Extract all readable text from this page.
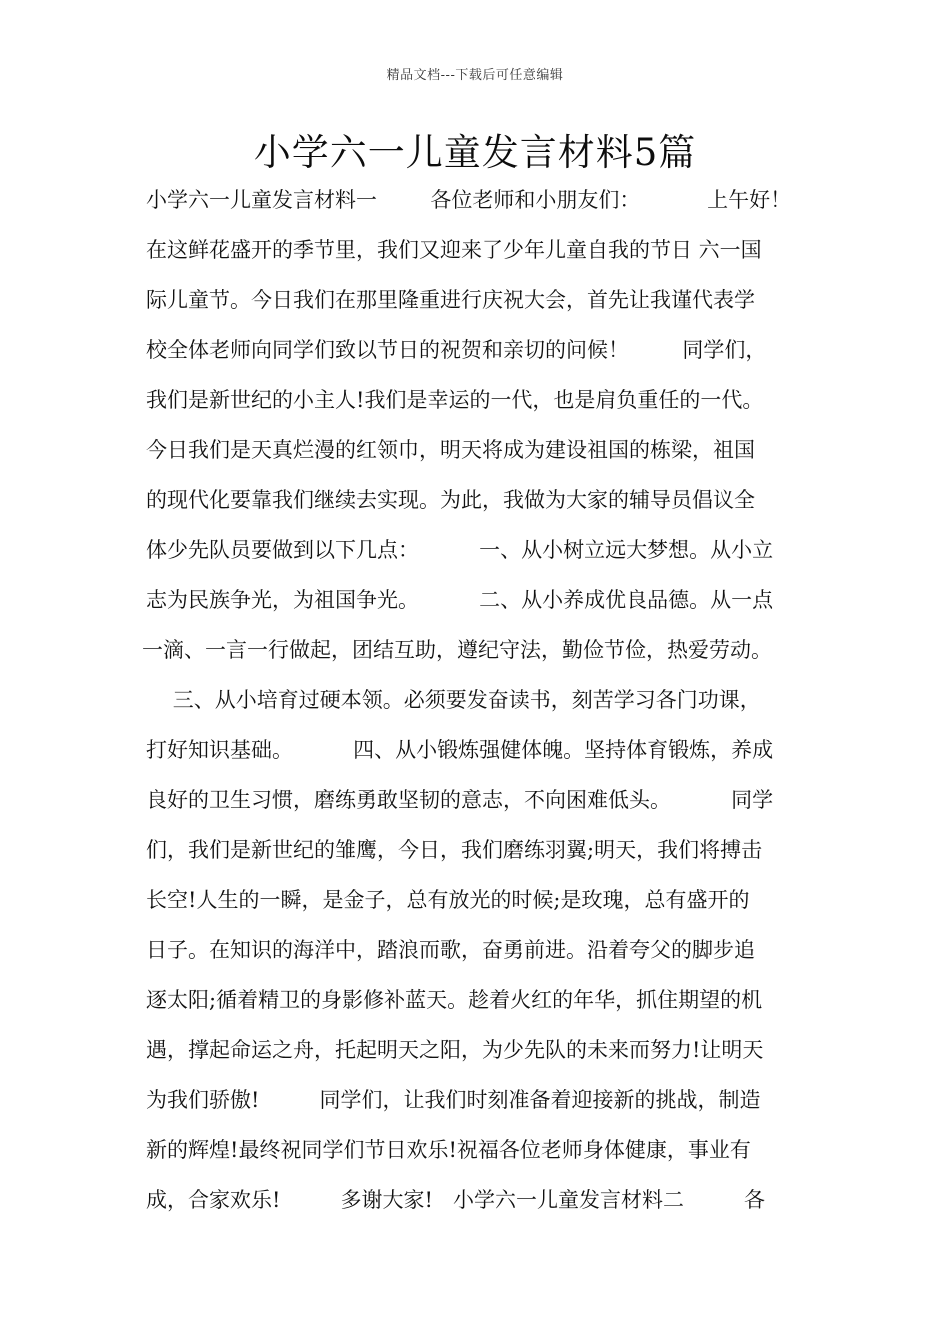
精品文档---下载后可任意编辑
小学六一儿童发言材料5篇
小学六一儿童发言材料一        各位老师和小朋友们：          上午好！
在这鲜花盛开的季节里，我们又迎来了少年儿童自我的节日 六一国
际儿童节。今日我们在那里隆重进行庆祝大会，首先让我谨代表学
校全体老师向同学们致以节日的祝贺和亲切的问候！        同学们，
我们是新世纪的小主人!我们是幸运的一代，也是肩负重任的一代。
今日我们是天真烂漫的红领巾，明天将成为建设祖国的栋梁，祖国
的现代化要靠我们继续去实现。为此，我做为大家的辅导员倡议全
体少先队员要做到以下几点：         一、从小树立远大梦想。从小立
志为民族争光，为祖国争光。         二、从小养成优良品德。从一点
一滴、一言一行做起，团结互助，遵纪守法，勤俭节俭，热爱劳动。
三、从小培育过硬本领。必须要发奋读书，刻苦学习各门功课，
打好知识基础。         四、从小锻炼强健体魄。坚持体育锻炼，养成
良好的卫生习惯，磨练勇敢坚韧的意志，不向困难低头。         同学
们，我们是新世纪的雏鹰，今日，我们磨练羽翼;明天，我们将搏击
长空!人生的一瞬，是金子，总有放光的时候;是玫瑰，总有盛开的
日子。在知识的海洋中，踏浪而歌，奋勇前进。沿着夸父的脚步追
逐太阳;循着精卫的身影修补蓝天。趁着火红的年华，抓住期望的机
遇，撑起命运之舟，托起明天之阳，为少先队的未来而努力!让明天
为我们骄傲!         同学们，让我们时刻准备着迎接新的挑战，制造
新的辉煌!最终祝同学们节日欢乐!祝福各位老师身体健康，事业有
成，合家欢乐!         多谢大家!   小学六一儿童发言材料二         各
